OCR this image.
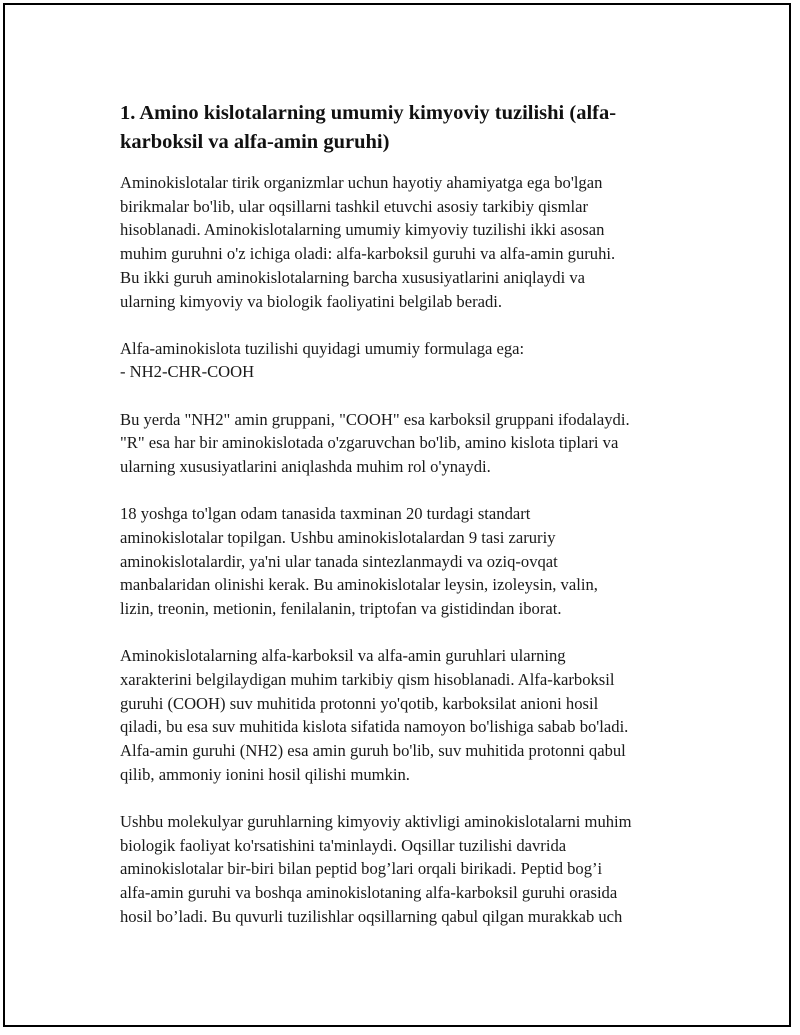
1. Amino kislotalarning umumiy kimyoviy tuzilishi (alfa-
karboksil va alfa-amin guruhi)
Aminokislotalar tirik organizmlar uchun hayotiy ahamiyatga ega bo'lgan
birikmalar bo'lib, ular oqsillarni tashkil etuvchi asosiy tarkibiy qismlar
hisoblanadi. Aminokislotalarning umumiy kimyoviy tuzilishi ikki asosan
muhim guruhni o'z ichiga oladi: alfa-karboksil guruhi va alfa-amin guruhi.
Bu ikki guruh aminokislotalarning barcha xususiyatlarini aniqlaydi va
ularning kimyoviy va biologik faoliyatini belgilab beradi.
Alfa-aminokislota tuzilishi quyidagi umumiy formulaga ega:
- NH2-CHR-COOH
Bu yerda "NH2" amin gruppani, "COOH" esa karboksil gruppani ifodalaydi.
"R" esa har bir aminokislotada o'zgaruvchan bo'lib, amino kislota tiplari va
ularning xususiyatlarini aniqlashda muhim rol o'ynaydi.
18 yoshga to'lgan odam tanasida taxminan 20 turdagi standart
aminokislotalar topilgan. Ushbu aminokislotalardan 9 tasi zaruriy
aminokislotalardir, ya'ni ular tanada sintezlanmaydi va oziq-ovqat
manbalaridan olinishi kerak. Bu aminokislotalar leysin, izoleysin, valin,
lizin, treonin, metionin, fenilalanin, triptofan va gistidindan iborat.
Aminokislotalarning alfa-karboksil va alfa-amin guruhlari ularning
xarakterini belgilaydigan muhim tarkibiy qism hisoblanadi. Alfa-karboksil
guruhi (COOH) suv muhitida protonni yo'qotib, karboksilat anioni hosil
qiladi, bu esa suv muhitida kislota sifatida namoyon bo'lishiga sabab bo'ladi.
Alfa-amin guruhi (NH2) esa amin guruh bo'lib, suv muhitida protonni qabul
qilib, ammoniy ionini hosil qilishi mumkin.
Ushbu molekulyar guruhlarning kimyoviy aktivligi aminokislotalarni muhim
biologik faoliyat ko'rsatishini ta'minlaydi. Oqsillar tuzilishi davrida
aminokislotalar bir-biri bilan peptid bog’lari orqali birikadi. Peptid bog’i
alfa-amin guruhi va boshqa aminokislotaning alfa-karboksil guruhi orasida
hosil bo’ladi. Bu quvurli tuzilishlar oqsillarning qabul qilgan murakkab uch
